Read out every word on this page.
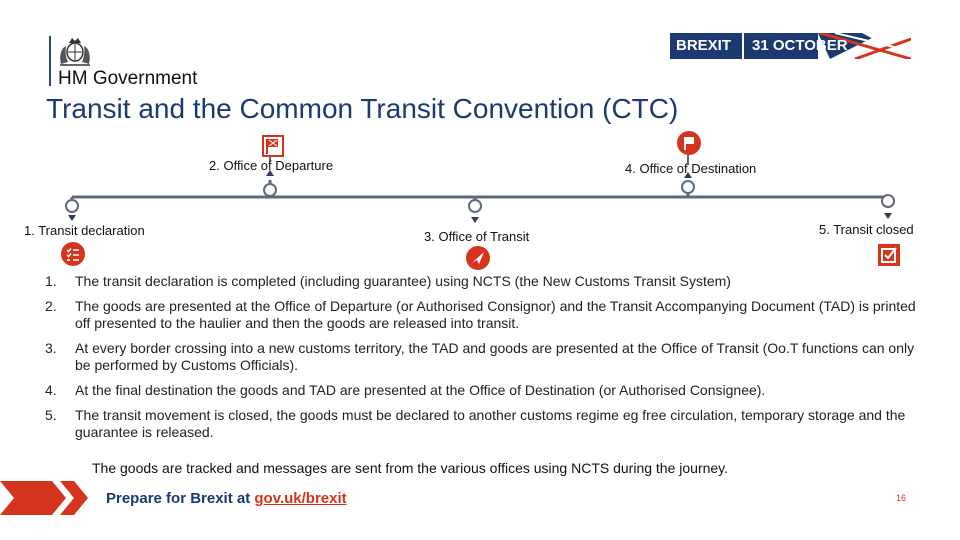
HM Government
BREXIT 31 OCTOBER
Transit and the Common Transit Convention (CTC)
1. Transit declaration
2. Office of Departure
3. Office of Transit
4. Office of Destination
5. Transit closed
1. The transit declaration is completed (including guarantee) using NCTS (the New Customs Transit System)
2. The goods are presented at the Office of Departure (or Authorised Consignor) and the Transit Accompanying Document (TAD) is printed off presented to the haulier and then the goods are released into transit.
3. At every border crossing into a new customs territory, the TAD and goods are presented at the Office of Transit (Oo.T functions can only be performed by Customs Officials).
4. At the final destination the goods and TAD are presented at the Office of Destination (or Authorised Consignee).
5. The transit movement is closed, the goods must be declared to another customs regime eg free circulation, temporary storage and the guarantee is released.
The goods are tracked and messages are sent from the various offices using NCTS during the journey.
Prepare for Brexit at gov.uk/brexit	16
